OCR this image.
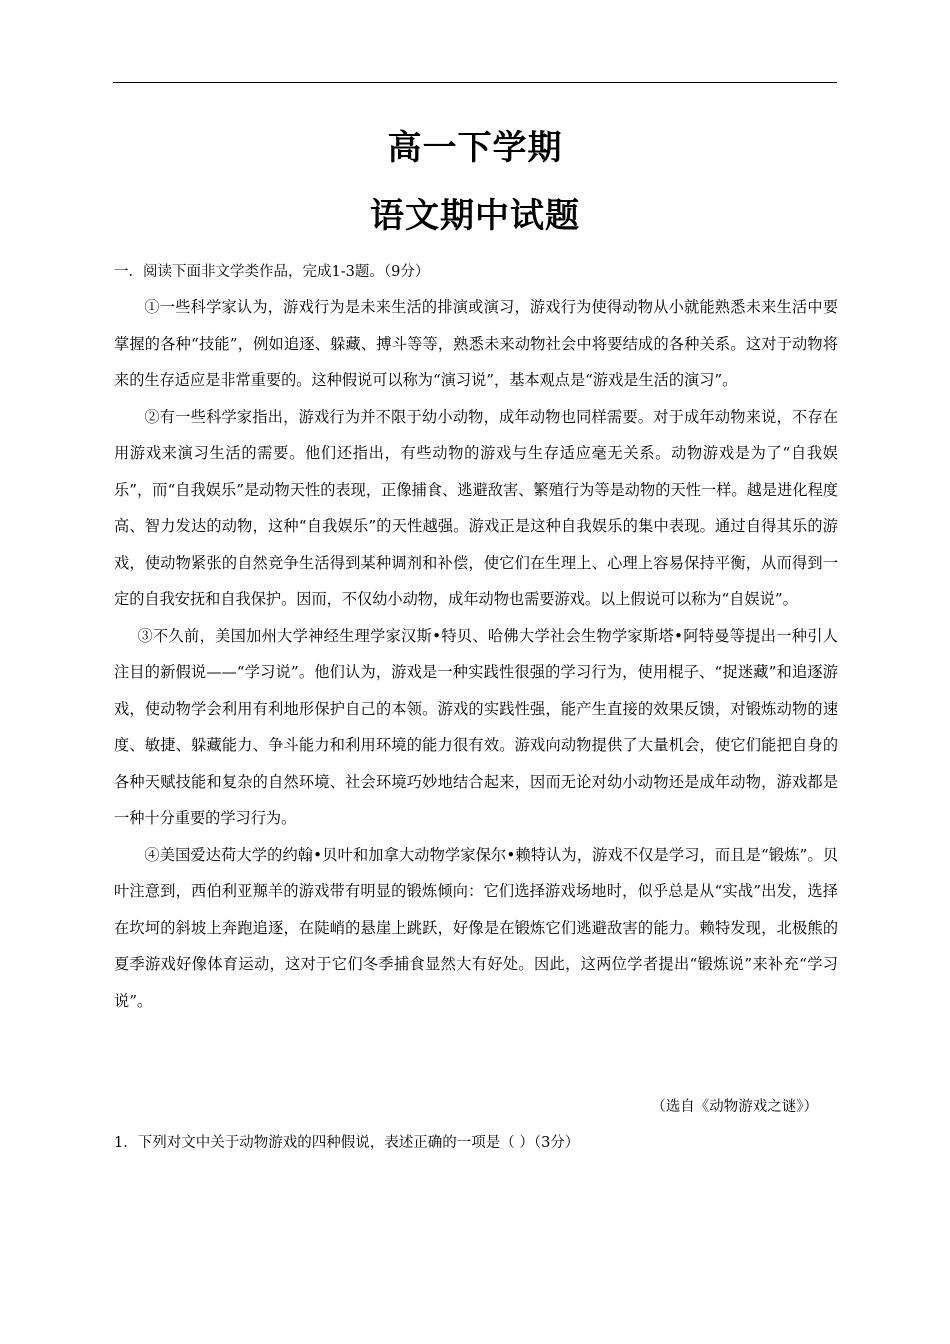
高一下学期
语文期中试题
一．阅读下面非文学类作品，完成1-3题。（9分）

①一些科学家认为，游戏行为是未来生活的排演或演习，游戏行为使得动物从小就能熟悉未来生活中要掌握的各种“技能”，例如追逐、躲藏、搏斗等等，熟悉未来动物社会中将要结成的各种关系。这对于动物将来的生存适应是非常重要的。这种假说可以称为“演习说”，基本观点是“游戏是生活的演习”。

②有一些科学家指出，游戏行为并不限于幼小动物，成年动物也同样需要。对于成年动物来说，不存在用游戏来演习生活的需要。他们还指出，有些动物的游戏与生存适应毫无关系。动物游戏是为了“自我娱乐”，而“自我娱乐”是动物天性的表现，正像捕食、逃避敌害、繁殖行为等是动物的天性一样。越是进化程度高、智力发达的动物，这种“自我娱乐”的天性越强。游戏正是这种自我娱乐的集中表现。通过自得其乐的游戏，使动物紧张的自然竞争生活得到某种调剂和补偿，使它们在生理上、心理上容易保持平衡，从而得到一定的自我安抚和自我保护。因而，不仅幼小动物，成年动物也需要游戏。以上假说可以称为“自娱说”。

③不久前，美国加州大学神经生理学家汉斯•特贝、哈佛大学社会生物学家斯塔•阿特曼等提出一种引人注目的新假说——“学习说”。他们认为，游戏是一种实践性很强的学习行为，使用棍子、“捉迷藏”和追逐游戏，使动物学会利用有利地形保护自己的本领。游戏的实践性强，能产生直接的效果反馈，对锻炼动物的速度、敏捷、躲藏能力、争斗能力和利用环境的能力很有效。游戏向动物提供了大量机会，使它们能把自身的各种天赋技能和复杂的自然环境、社会环境巧妙地结合起来，因而无论对幼小动物还是成年动物，游戏都是一种十分重要的学习行为。

④美国爱达荷大学的约翰•贝叶和加拿大动物学家保尔•赖特认为，游戏不仅是学习，而且是“锻炼”。贝叶注意到，西伯利亚羱羊的游戏带有明显的锻炼倾向：它们选择游戏场地时，似乎总是从“实战”出发，选择在坎坷的斜坡上奔跑追逐，在陡峭的悬崖上跳跃，好像是在锻炼它们逃避敌害的能力。赖特发现，北极熊的夏季游戏好像体育运动，这对于它们冬季捕食显然大有好处。因此，这两位学者提出“锻炼说”来补充“学习说”。

（选自《动物游戏之谜》）
1．下列对文中关于动物游戏的四种假说，表述正确的一项是（ ）（3分）
